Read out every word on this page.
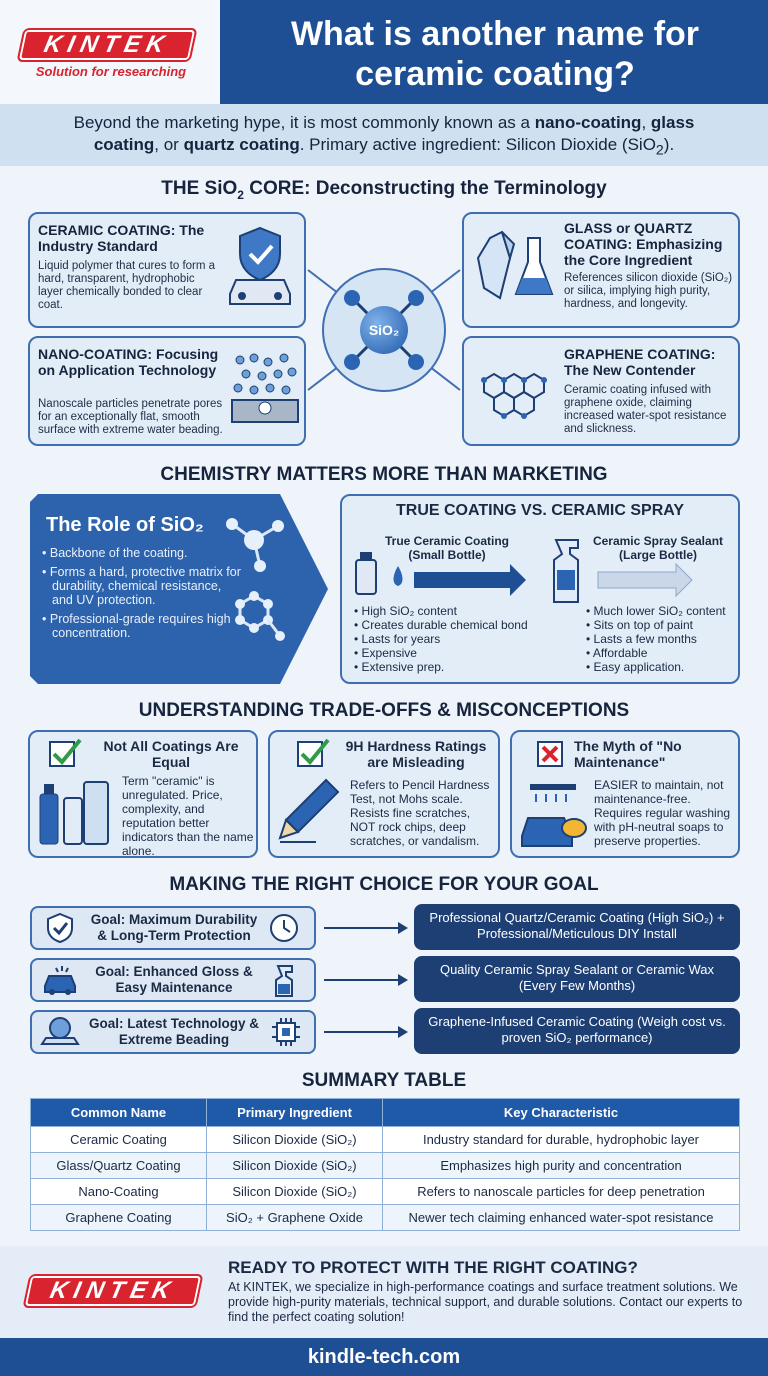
KINTEK
Solution for researching
What is another name for ceramic coating?
Beyond the marketing hype, it is most commonly known as a nano-coating, glass coating, or quartz coating. Primary active ingredient: Silicon Dioxide (SiO$_2$).
THE SiO$_2$ CORE: Deconstructing the Terminology
CERAMIC COATING: The Industry Standard
Liquid polymer that cures to form a hard, transparent, hydrophobic layer chemically bonded to clear coat.
GLASS or QUARTZ COATING: Emphasizing the Core Ingredient
References silicon dioxide (SiO₂) or silica, implying high purity, hardness, and longevity.
SiO₂
NANO-COATING: Focusing on Application Technology
Nanoscale particles penetrate pores for an exceptionally flat, smooth surface with extreme water beading.
GRAPHENE COATING: The New Contender
Ceramic coating infused with graphene oxide, claiming increased water-spot resistance and slickness.
CHEMISTRY MATTERS MORE THAN MARKETING
The Role of SiO₂
• Backbone of the coating.
• Forms a hard, protective matrix for durability, chemical resistance, and UV protection.
• Professional-grade requires high concentration.
TRUE COATING VS. CERAMIC SPRAY
True Ceramic Coating (Small Bottle)
Ceramic Spray Sealant (Large Bottle)
• High SiO₂ content
• Creates durable chemical bond
• Lasts for years
• Expensive
• Extensive prep.
• Much lower SiO₂ content
• Sits on top of paint
• Lasts a few months
• Affordable
• Easy application.
UNDERSTANDING TRADE-OFFS & MISCONCEPTIONS
Not All Coatings Are Equal
Term "ceramic" is unregulated. Price, complexity, and reputation better indicators than the name alone.
9H Hardness Ratings are Misleading
Refers to Pencil Hardness Test, not Mohs scale. Resists fine scratches, NOT rock chips, deep scratches, or vandalism.
The Myth of "No Maintenance"
EASIER to maintain, not maintenance-free. Requires regular washing with pH-neutral soaps to preserve properties.
MAKING THE RIGHT CHOICE FOR YOUR GOAL
Goal: Maximum Durability & Long-Term Protection
Professional Quartz/Ceramic Coating (High SiO₂) + Professional/Meticulous DIY Install
Goal: Enhanced Gloss & Easy Maintenance
Quality Ceramic Spray Sealant or Ceramic Wax (Every Few Months)
Goal: Latest Technology & Extreme Beading
Graphene-Infused Ceramic Coating (Weigh cost vs. proven SiO₂ performance)
SUMMARY TABLE
Common Name	Primary Ingredient	Key Characteristic
Ceramic Coating	Silicon Dioxide (SiO₂)	Industry standard for durable, hydrophobic layer
Glass/Quartz Coating	Silicon Dioxide (SiO₂)	Emphasizes high purity and concentration
Nano-Coating	Silicon Dioxide (SiO₂)	Refers to nanoscale particles for deep penetration
Graphene Coating	SiO₂ + Graphene Oxide	Newer tech claiming enhanced water-spot resistance
KINTEK
READY TO PROTECT WITH THE RIGHT COATING?
At KINTEK, we specialize in high-performance coatings and surface treatment solutions. We provide high-purity materials, technical support, and durable solutions. Contact our experts to find the perfect coating solution!
kindle-tech.com
